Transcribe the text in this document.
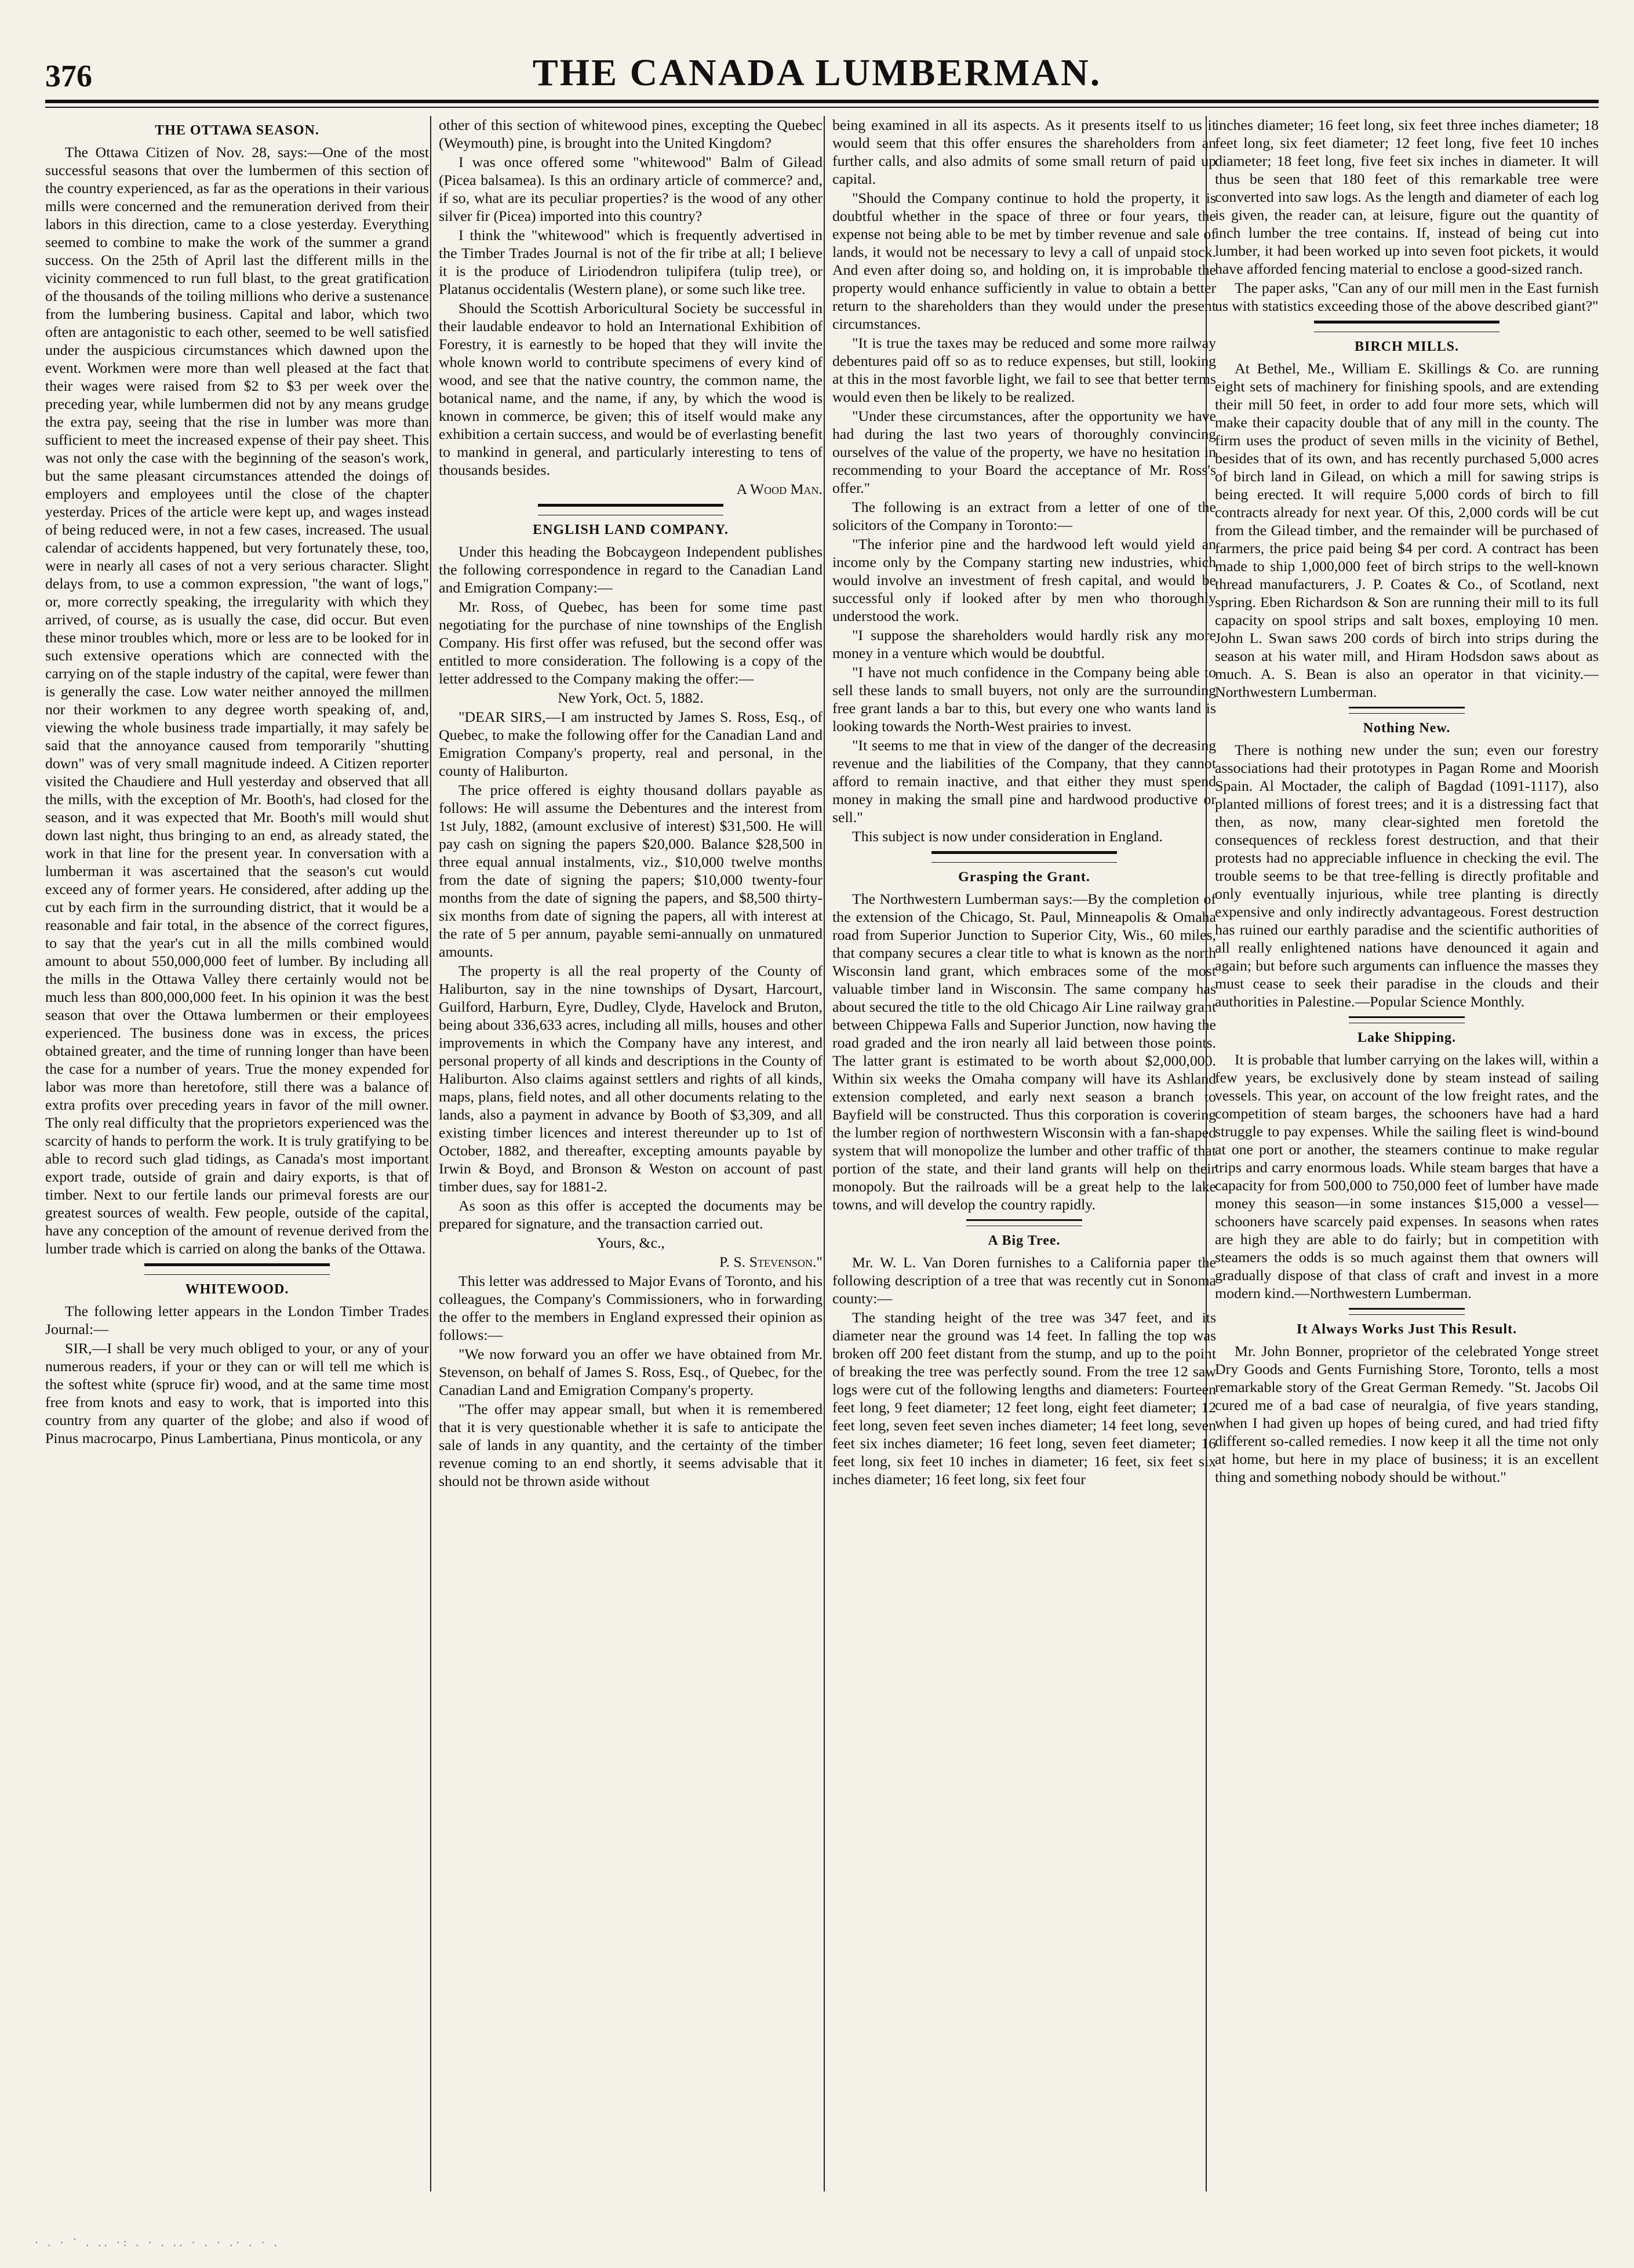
376	THE CANADA LUMBERMAN.
THE OTTAWA SEASON.

The Ottawa Citizen of Nov. 28, says:—One of the most successful seasons that over the lumbermen of this section of the country experienced, as far as the operations in their various mills were concerned and the remuneration derived from their labors in this direction, came to a close yesterday. Everything seemed to combine to make the work of the summer a grand success. On the 25th of April last the different mills in the vicinity commenced to run full blast, to the great gratification of the thousands of the toiling millions who derive a sustenance from the lumbering business. Capital and labor, which two often are antagonistic to each other, seemed to be well satisfied under the auspicious circumstances which dawned upon the event. Workmen were more than well pleased at the fact that their wages were raised from $2 to $3 per week over the preceding year, while lumbermen did not by any means grudge the extra pay, seeing that the rise in lumber was more than sufficient to meet the increased expense of their pay sheet. This was not only the case with the beginning of the season's work, but the same pleasant circumstances attended the doings of employers and employees until the close of the chapter yesterday. Prices of the article were kept up, and wages instead of being reduced were, in not a few cases, increased. The usual calendar of accidents happened, but very fortunately these, too, were in nearly all cases of not a very serious character. Slight delays from, to use a common expression, "the want of logs," or, more correctly speaking, the irregularity with which they arrived, of course, as is usually the case, did occur. But even these minor troubles which, more or less are to be looked for in such extensive operations which are connected with the carrying on of the staple industry of the capital, were fewer than is generally the case. Low water neither annoyed the millmen nor their workmen to any degree worth speaking of, and, viewing the whole business trade impartially, it may safely be said that the annoyance caused from temporarily "shutting down" was of very small magnitude indeed. A Citizen reporter visited the Chaudiere and Hull yesterday and observed that all the mills, with the exception of Mr. Booth's, had closed for the season, and it was expected that Mr. Booth's mill would shut down last night, thus bringing to an end, as already stated, the work in that line for the present year. In conversation with a lumberman it was ascertained that the season's cut would exceed any of former years. He considered, after adding up the cut by each firm in the surrounding district, that it would be a reasonable and fair total, in the absence of the correct figures, to say that the year's cut in all the mills combined would amount to about 550,000,000 feet of lumber. By including all the mills in the Ottawa Valley there certainly would not be much less than 800,000,000 feet. In his opinion it was the best season that over the Ottawa lumbermen or their employees experienced. The business done was in excess, the prices obtained greater, and the time of running longer than have been the case for a number of years. True the money expended for labor was more than heretofore, still there was a balance of extra profits over preceding years in favor of the mill owner. The only real difficulty that the proprietors experienced was the scarcity of hands to perform the work. It is truly gratifying to be able to record such glad tidings, as Canada's most important export trade, outside of grain and dairy exports, is that of timber. Next to our fertile lands our primeval forests are our greatest sources of wealth. Few people, outside of the capital, have any conception of the amount of revenue derived from the lumber trade which is carried on along the banks of the Ottawa.

WHITEWOOD.

The following letter appears in the London Timber Trades Journal:—

SIR,—I shall be very much obliged to your, or any of your numerous readers, if your or they can or will tell me which is the softest white (spruce fir) wood, and at the same time most free from knots and easy to work, that is imported into this country from any quarter of the globe; and also if wood of Pinus macrocarpo, Pinus Lambertiana, Pinus monticola, or any

other of this section of whitewood pines, excepting the Quebec (Weymouth) pine, is brought into the United Kingdom?

I was once offered some "whitewood" Balm of Gilead (Picea balsamea). Is this an ordinary article of commerce? and, if so, what are its peculiar properties? is the wood of any other silver fir (Picea) imported into this country?

I think the "whitewood" which is frequently advertised in the Timber Trades Journal is not of the fir tribe at all; I believe it is the produce of Liriodendron tulipifera (tulip tree), or Platanus occidentalis (Western plane), or some such like tree.

Should the Scottish Arboricultural Society be successful in their laudable endeavor to hold an International Exhibition of Forestry, it is earnestly to be hoped that they will invite the whole known world to contribute specimens of every kind of wood, and see that the native country, the common name, the botanical name, and the name, if any, by which the wood is known in commerce, be given; this of itself would make any exhibition a certain success, and would be of everlasting benefit to mankind in general, and particularly interesting to tens of thousands besides.

A Wood Man.

ENGLISH LAND COMPANY.

Under this heading the Bobcaygeon Independent publishes the following correspondence in regard to the Canadian Land and Emigration Company:—

Mr. Ross, of Quebec, has been for some time past negotiating for the purchase of nine townships of the English Company. His first offer was refused, but the second offer was entitled to more consideration. The following is a copy of the letter addressed to the Company making the offer:—

New York, Oct. 5, 1882.

"DEAR SIRS,—I am instructed by James S. Ross, Esq., of Quebec, to make the following offer for the Canadian Land and Emigration Company's property, real and personal, in the county of Haliburton.

The price offered is eighty thousand dollars payable as follows: He will assume the Debentures and the interest from 1st July, 1882, (amount exclusive of interest) $31,500. He will pay cash on signing the papers $20,000. Balance $28,500 in three equal annual instalments, viz., $10,000 twelve months from the date of signing the papers; $10,000 twenty-four months from the date of signing the papers, and $8,500 thirty-six months from date of signing the papers, all with interest at the rate of 5 per annum, payable semi-annually on unmatured amounts.

The property is all the real property of the County of Haliburton, say in the nine townships of Dysart, Harcourt, Guilford, Harburn, Eyre, Dudley, Clyde, Havelock and Bruton, being about 336,633 acres, including all mills, houses and other improvements in which the Company have any interest, and personal property of all kinds and descriptions in the County of Haliburton. Also claims against settlers and rights of all kinds, maps, plans, field notes, and all other documents relating to the lands, also a payment in advance by Booth of $3,309, and all existing timber licences and interest thereunder up to 1st of October, 1882, and thereafter, excepting amounts payable by Irwin & Boyd, and Bronson & Weston on account of past timber dues, say for 1881-2.

As soon as this offer is accepted the documents may be prepared for signature, and the transaction carried out.

Yours, &c.,

P. S. Stevenson."

This letter was addressed to Major Evans of Toronto, and his colleagues, the Company's Commissioners, who in forwarding the offer to the members in England expressed their opinion as follows:—

"We now forward you an offer we have obtained from Mr. Stevenson, on behalf of James S. Ross, Esq., of Quebec, for the Canadian Land and Emigration Company's property.

"The offer may appear small, but when it is remembered that it is very questionable whether it is safe to anticipate the sale of lands in any quantity, and the certainty of the timber revenue coming to an end shortly, it seems advisable that it should not be thrown aside without

being examined in all its aspects. As it presents itself to us it would seem that this offer ensures the shareholders from an further calls, and also admits of some small return of paid up capital.

"Should the Company continue to hold the property, it is doubtful whether in the space of three or four years, the expense not being able to be met by timber revenue and sale of lands, it would not be necessary to levy a call of unpaid stock. And even after doing so, and holding on, it is improbable the property would enhance sufficiently in value to obtain a better return to the shareholders than they would under the present circumstances.

"It is true the taxes may be reduced and some more railway debentures paid off so as to reduce expenses, but still, looking at this in the most favorble light, we fail to see that better terms would even then be likely to be realized.

"Under these circumstances, after the opportunity we have had during the last two years of thoroughly convincing ourselves of the value of the property, we have no hesitation in recommending to your Board the acceptance of Mr. Ross's offer."

The following is an extract from a letter of one of the solicitors of the Company in Toronto:—

"The inferior pine and the hardwood left would yield an income only by the Company starting new industries, which would involve an investment of fresh capital, and would be successful only if looked after by men who thoroughly understood the work.

"I suppose the shareholders would hardly risk any more money in a venture which would be doubtful.

"I have not much confidence in the Company being able to sell these lands to small buyers, not only are the surrounding free grant lands a bar to this, but every one who wants land is looking towards the North-West prairies to invest.

"It seems to me that in view of the danger of the decreasing revenue and the liabilities of the Company, that they cannot afford to remain inactive, and that either they must spend money in making the small pine and hardwood productive or sell."

This subject is now under consideration in England.

Grasping the Grant.

The Northwestern Lumberman says:—By the completion of the extension of the Chicago, St. Paul, Minneapolis & Omaha road from Superior Junction to Superior City, Wis., 60 miles, that company secures a clear title to what is known as the north Wisconsin land grant, which embraces some of the most valuable timber land in Wisconsin. The same company has about secured the title to the old Chicago Air Line railway grant between Chippewa Falls and Superior Junction, now having the road graded and the iron nearly all laid between those points. The latter grant is estimated to be worth about $2,000,000. Within six weeks the Omaha company will have its Ashland extension completed, and early next season a branch to Bayfield will be constructed. Thus this corporation is covering the lumber region of northwestern Wisconsin with a fan-shaped system that will monopolize the lumber and other traffic of that portion of the state, and their land grants will help on their monopoly. But the railroads will be a great help to the lake towns, and will develop the country rapidly.

A Big Tree.

Mr. W. L. Van Doren furnishes to a California paper the following description of a tree that was recently cut in Sonoma county:—

The standing height of the tree was 347 feet, and its diameter near the ground was 14 feet. In falling the top was broken off 200 feet distant from the stump, and up to the point of breaking the tree was perfectly sound. From the tree 12 saw logs were cut of the following lengths and diameters: Fourteen feet long, 9 feet diameter; 12 feet long, eight feet diameter; 12 feet long, seven feet seven inches diameter; 14 feet long, seven feet six inches diameter; 16 feet long, seven feet diameter; 16 feet long, six feet 10 inches in diameter; 16 feet, six feet six inches diameter; 16 feet long, six feet four

inches diameter; 16 feet long, six feet three inches diameter; 18 feet long, six feet diameter; 12 feet long, five feet 10 inches diameter; 18 feet long, five feet six inches in diameter. It will thus be seen that 180 feet of this remarkable tree were converted into saw logs. As the length and diameter of each log is given, the reader can, at leisure, figure out the quantity of inch lumber the tree contains. If, instead of being cut into lumber, it had been worked up into seven foot pickets, it would have afforded fencing material to enclose a good-sized ranch.

The paper asks, "Can any of our mill men in the East furnish us with statistics exceeding those of the above described giant?"

BIRCH MILLS.

At Bethel, Me., William E. Skillings & Co. are running eight sets of machinery for finishing spools, and are extending their mill 50 feet, in order to add four more sets, which will make their capacity double that of any mill in the county. The firm uses the product of seven mills in the vicinity of Bethel, besides that of its own, and has recently purchased 5,000 acres of birch land in Gilead, on which a mill for sawing strips is being erected. It will require 5,000 cords of birch to fill contracts already for next year. Of this, 2,000 cords will be cut from the Gilead timber, and the remainder will be purchased of farmers, the price paid being $4 per cord. A contract has been made to ship 1,000,000 feet of birch strips to the well-known thread manufacturers, J. P. Coates & Co., of Scotland, next spring. Eben Richardson & Son are running their mill to its full capacity on spool strips and salt boxes, employing 10 men. John L. Swan saws 200 cords of birch into strips during the season at his water mill, and Hiram Hodsdon saws about as much. A. S. Bean is also an operator in that vicinity.—Northwestern Lumberman.

Nothing New.

There is nothing new under the sun; even our forestry associations had their prototypes in Pagan Rome and Moorish Spain. Al Moctader, the caliph of Bagdad (1091-1117), also planted millions of forest trees; and it is a distressing fact that then, as now, many clear-sighted men foretold the consequences of reckless forest destruction, and that their protests had no appreciable influence in checking the evil. The trouble seems to be that tree-felling is directly profitable and only eventually injurious, while tree planting is directly expensive and only indirectly advantageous. Forest destruction has ruined our earthly paradise and the scientific authorities of all really enlightened nations have denounced it again and again; but before such arguments can influence the masses they must cease to seek their paradise in the clouds and their authorities in Palestine.—Popular Science Monthly.

Lake Shipping.

It is probable that lumber carrying on the lakes will, within a few years, be exclusively done by steam instead of sailing vessels. This year, on account of the low freight rates, and the competition of steam barges, the schooners have had a hard struggle to pay expenses. While the sailing fleet is wind-bound at one port or another, the steamers continue to make regular trips and carry enormous loads. While steam barges that have a capacity for from 500,000 to 750,000 feet of lumber have made money this season—in some instances $15,000 a vessel—schooners have scarcely paid expenses. In seasons when rates are high they are able to do fairly; but in competition with steamers the odds is so much against them that owners will gradually dispose of that class of craft and invest in a more modern kind.—Northwestern Lumberman.

It Always Works Just This Result.

Mr. John Bonner, proprietor of the celebrated Yonge street Dry Goods and Gents Furnishing Store, Toronto, tells a most remarkable story of the Great German Remedy. "St. Jacobs Oil cured me of a bad case of neuralgia, of five years standing, when I had given up hopes of being cured, and had tried fifty different so-called remedies. I now keep it all the time not only at home, but here in my place of business; it is an excellent thing and something nobody should be without."

· . · ` . .. ·: . · . .. · . · .· . · .
